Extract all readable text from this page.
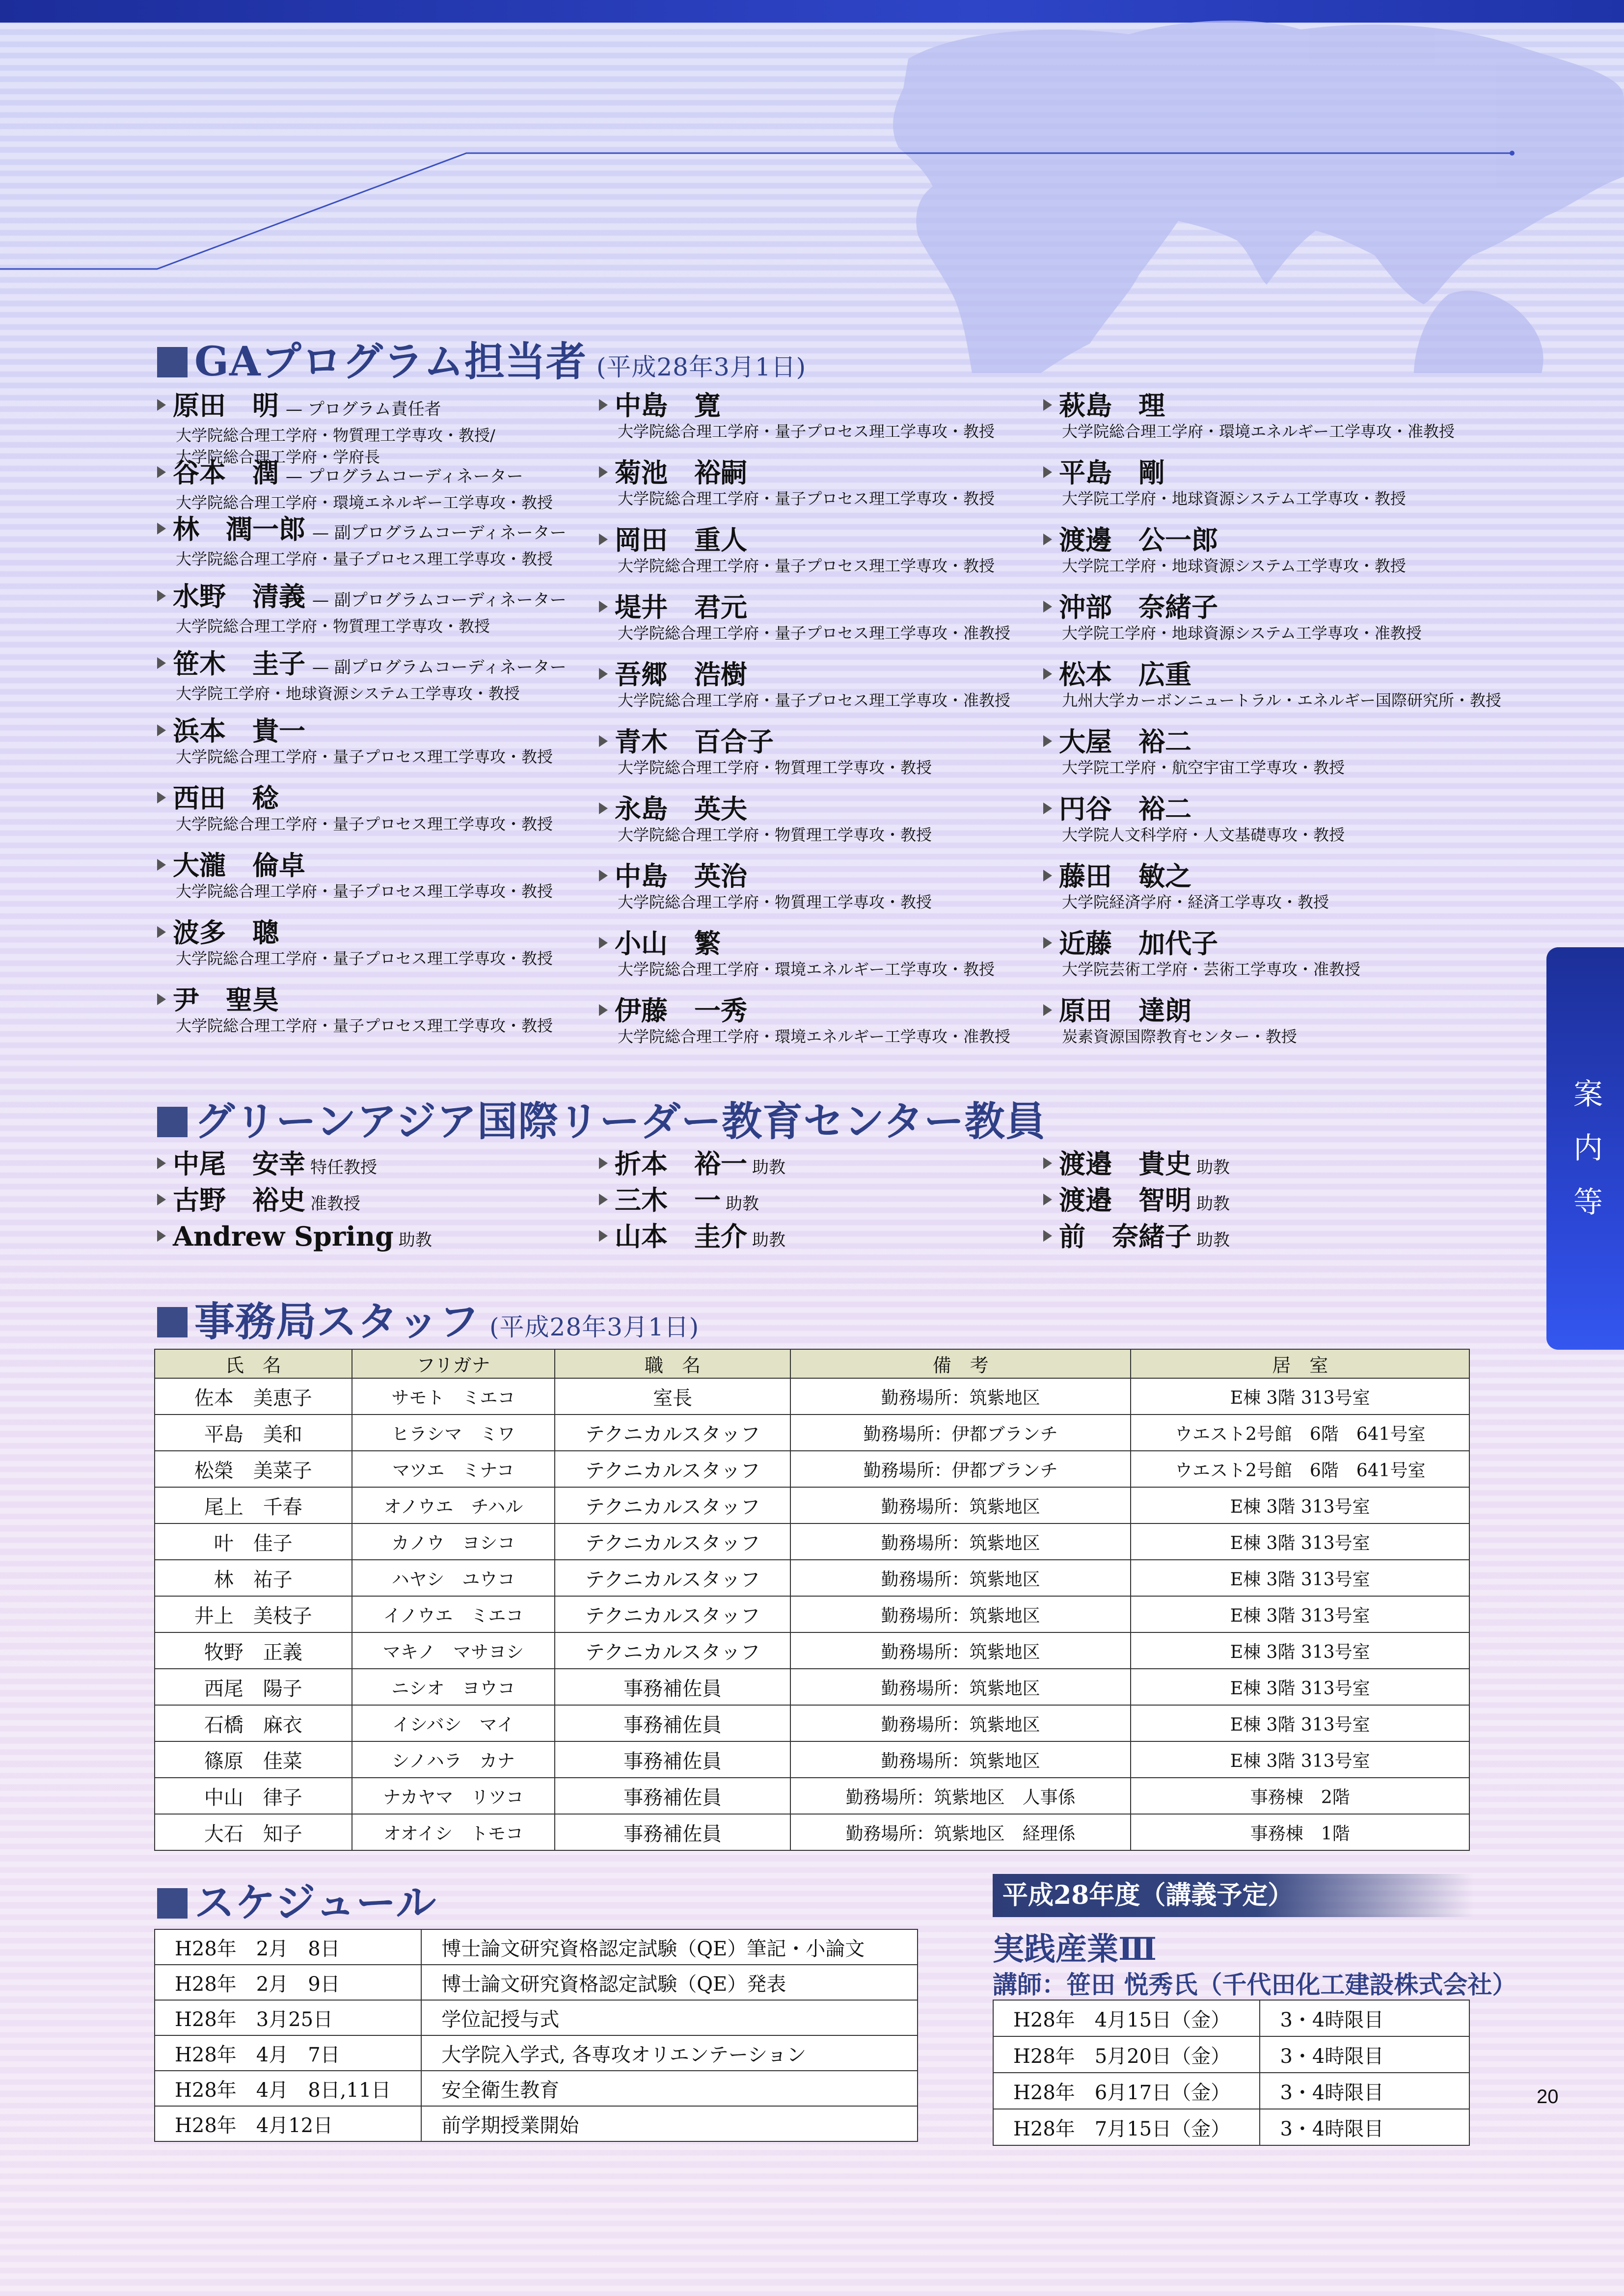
案
内
等
GAプログラム担当者 (平成28年3月1日)
原田　明 — プログラム責任者
大学院総合理工学府・物質理工学専攻・教授/
大学院総合理工学府・学府長
谷本　潤 — プログラムコーディネーター
大学院総合理工学府・環境エネルギー工学専攻・教授
林　潤一郎 — 副プログラムコーディネーター
大学院総合理工学府・量子プロセス理工学専攻・教授
水野　清義 — 副プログラムコーディネーター
大学院総合理工学府・物質理工学専攻・教授
笹木　圭子 — 副プログラムコーディネーター
大学院工学府・地球資源システム工学専攻・教授
浜本　貴一
大学院総合理工学府・量子プロセス理工学専攻・教授
西田　稔
大学院総合理工学府・量子プロセス理工学専攻・教授
大瀧　倫卓
大学院総合理工学府・量子プロセス理工学専攻・教授
波多　聰
大学院総合理工学府・量子プロセス理工学専攻・教授
尹　聖昊
大学院総合理工学府・量子プロセス理工学専攻・教授
中島　寛
大学院総合理工学府・量子プロセス理工学専攻・教授
菊池　裕嗣
大学院総合理工学府・量子プロセス理工学専攻・教授
岡田　重人
大学院総合理工学府・量子プロセス理工学専攻・教授
堤井　君元
大学院総合理工学府・量子プロセス理工学専攻・准教授
吾郷　浩樹
大学院総合理工学府・量子プロセス理工学専攻・准教授
青木　百合子
大学院総合理工学府・物質理工学専攻・教授
永島　英夫
大学院総合理工学府・物質理工学専攻・教授
中島　英治
大学院総合理工学府・物質理工学専攻・教授
小山　繁
大学院総合理工学府・環境エネルギー工学専攻・教授
伊藤　一秀
大学院総合理工学府・環境エネルギー工学専攻・准教授
萩島　理
大学院総合理工学府・環境エネルギー工学専攻・准教授
平島　剛
大学院工学府・地球資源システム工学専攻・教授
渡邊　公一郎
大学院工学府・地球資源システム工学専攻・教授
沖部　奈緒子
大学院工学府・地球資源システム工学専攻・准教授
松本　広重
九州大学カーボンニュートラル・エネルギー国際研究所・教授
大屋　裕二
大学院工学府・航空宇宙工学専攻・教授
円谷　裕二
大学院人文科学府・人文基礎専攻・教授
藤田　敏之
大学院経済学府・経済工学専攻・教授
近藤　加代子
大学院芸術工学府・芸術工学専攻・准教授
原田　達朗
炭素資源国際教育センター・教授
グリーンアジア国際リーダー教育センター教員
中尾　安幸 特任教授
古野　裕史 准教授
Andrew Spring 助教
折本　裕一 助教
三木　一 助教
山本　圭介 助教
渡邉　貴史 助教
渡邉　智明 助教
前　奈緒子 助教
事務局スタッフ (平成28年3月1日)
氏　名	フリガナ	職　名	備　考	居　室
佐本　美恵子	サモト　ミエコ	室長	勤務場所：筑紫地区	E棟 3階 313号室
平島　美和	ヒラシマ　ミワ	テクニカルスタッフ	勤務場所：伊都ブランチ	ウエスト2号館　6階　641号室
松榮　美菜子	マツエ　ミナコ	テクニカルスタッフ	勤務場所：伊都ブランチ	ウエスト2号館　6階　641号室
尾上　千春	オノウエ　チハル	テクニカルスタッフ	勤務場所：筑紫地区	E棟 3階 313号室
叶　佳子	カノウ　ヨシコ	テクニカルスタッフ	勤務場所：筑紫地区	E棟 3階 313号室
林　祐子	ハヤシ　ユウコ	テクニカルスタッフ	勤務場所：筑紫地区	E棟 3階 313号室
井上　美枝子	イノウエ　ミエコ	テクニカルスタッフ	勤務場所：筑紫地区	E棟 3階 313号室
牧野　正義	マキノ　マサヨシ	テクニカルスタッフ	勤務場所：筑紫地区	E棟 3階 313号室
西尾　陽子	ニシオ　ヨウコ	事務補佐員	勤務場所：筑紫地区	E棟 3階 313号室
石橋　麻衣	イシバシ　マイ	事務補佐員	勤務場所：筑紫地区	E棟 3階 313号室
篠原　佳菜	シノハラ　カナ	事務補佐員	勤務場所：筑紫地区	E棟 3階 313号室
中山　律子	ナカヤマ　リツコ	事務補佐員	勤務場所：筑紫地区　人事係	事務棟　2階
大石　知子	オオイシ　トモコ	事務補佐員	勤務場所：筑紫地区　経理係	事務棟　1階
スケジュール
H28年　2月　8日	博士論文研究資格認定試験（QE）筆記・小論文
H28年　2月　9日	博士論文研究資格認定試験（QE）発表
H28年　3月25日	学位記授与式
H28年　4月　7日	大学院入学式, 各専攻オリエンテーション
H28年　4月　8日,11日	安全衛生教育
H28年　4月12日	前学期授業開始
平成28年度（講義予定）
実践産業Ⅲ
講師：笹田 悦秀氏（千代田化工建設株式会社）
H28年　4月15日（金）	3・4時限目
H28年　5月20日（金）	3・4時限目
H28年　6月17日（金）	3・4時限目
H28年　7月15日（金）	3・4時限目
20
